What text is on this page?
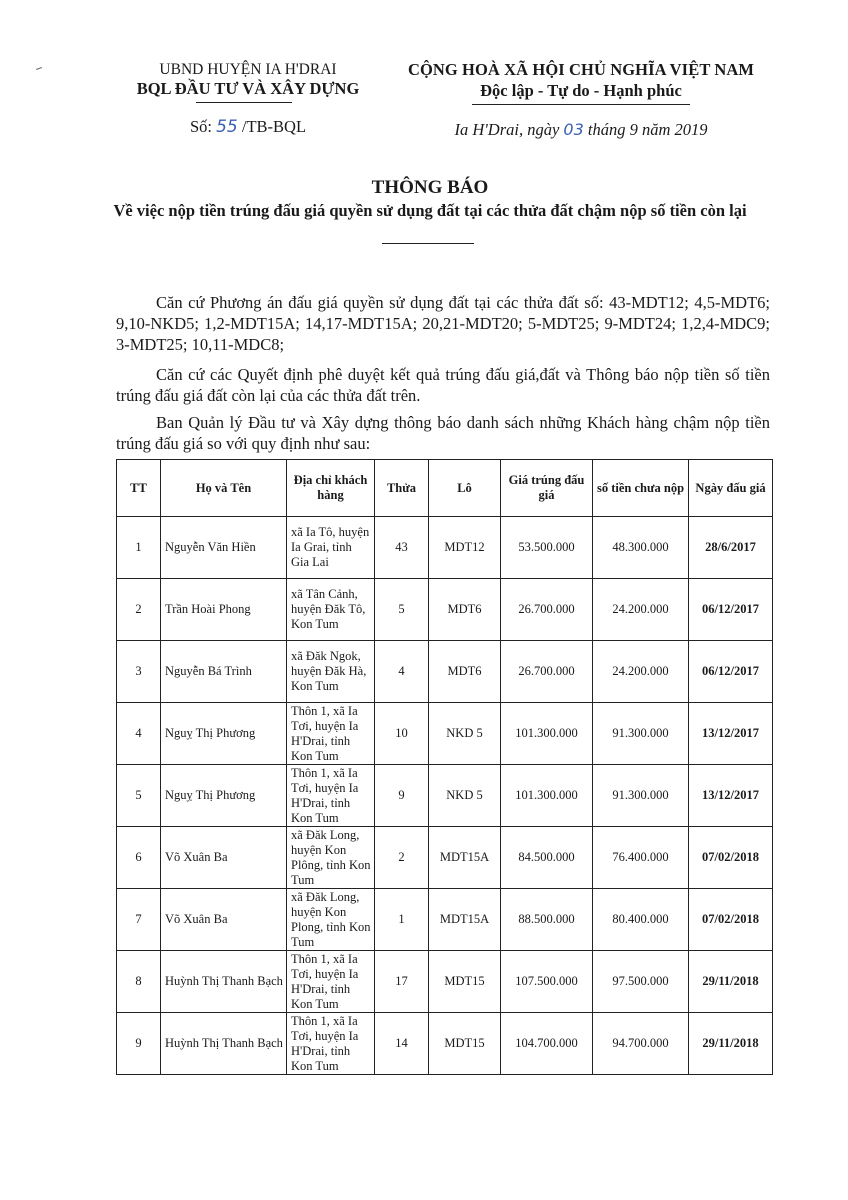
UBND HUYỆN IA H'DRAI
BQL ĐẦU TƯ VÀ XÂY DỰNG
Số: 55 /TB-BQL
CỘNG HOÀ XÃ HỘI CHỦ NGHĨA VIỆT NAM
Độc lập - Tự do - Hạnh phúc
Ia H'Drai, ngày 03 tháng 9 năm 2019
THÔNG BÁO
Về việc nộp tiền trúng đấu giá quyền sử dụng đất tại các thửa đất chậm nộp số tiền còn lại
Căn cứ Phương án đấu giá quyền sử dụng đất tại các thửa đất số: 43-MDT12; 4,5-MDT6; 9,10-NKD5; 1,2-MDT15A; 14,17-MDT15A; 20,21-MDT20; 5-MDT25; 9-MDT24; 1,2,4-MDC9; 3-MDT25; 10,11-MDC8;
Căn cứ các Quyết định phê duyệt kết quả trúng đấu giá,đất và Thông báo nộp tiền số tiền trúng đấu giá đất còn lại của các thửa đất trên.
Ban Quản lý Đầu tư và Xây dựng thông báo danh sách những Khách hàng chậm nộp tiền trúng đấu giá so với quy định như sau:
TT	Họ và Tên	Địa chỉ khách hàng	Thửa	Lô	Giá trúng đấu giá	số tiền chưa nộp	Ngày đấu giá
1	Nguyễn Văn Hiền	xã Ia Tô, huyện Ia Grai, tỉnh Gia Lai	43	MDT12	53.500.000	48.300.000	28/6/2017
2	Trần Hoài Phong	xã Tân Cảnh, huyện Đăk Tô, Kon Tum	5	MDT6	26.700.000	24.200.000	06/12/2017
3	Nguyễn Bá Trình	xã Đăk Ngok, huyện Đăk Hà, Kon Tum	4	MDT6	26.700.000	24.200.000	06/12/2017
4	Nguỵ Thị Phương	Thôn 1, xã Ia Tơi, huyện Ia H'Drai, tỉnh Kon Tum	10	NKD 5	101.300.000	91.300.000	13/12/2017
5	Nguỵ Thị Phương	Thôn 1, xã Ia Tơi, huyện Ia H'Drai, tỉnh Kon Tum	9	NKD 5	101.300.000	91.300.000	13/12/2017
6	Võ Xuân Ba	xã Đăk Long, huyện Kon Plông, tỉnh Kon Tum	2	MDT15A	84.500.000	76.400.000	07/02/2018
7	Võ Xuân Ba	xã Đăk Long, huyện Kon Plong, tỉnh Kon Tum	1	MDT15A	88.500.000	80.400.000	07/02/2018
8	Huỳnh Thị Thanh Bạch	Thôn 1, xã Ia Tơi, huyện Ia H'Drai, tỉnh Kon Tum	17	MDT15	107.500.000	97.500.000	29/11/2018
9	Huỳnh Thị Thanh Bạch	Thôn 1, xã Ia Tơi, huyện Ia H'Drai, tỉnh Kon Tum	14	MDT15	104.700.000	94.700.000	29/11/2018
